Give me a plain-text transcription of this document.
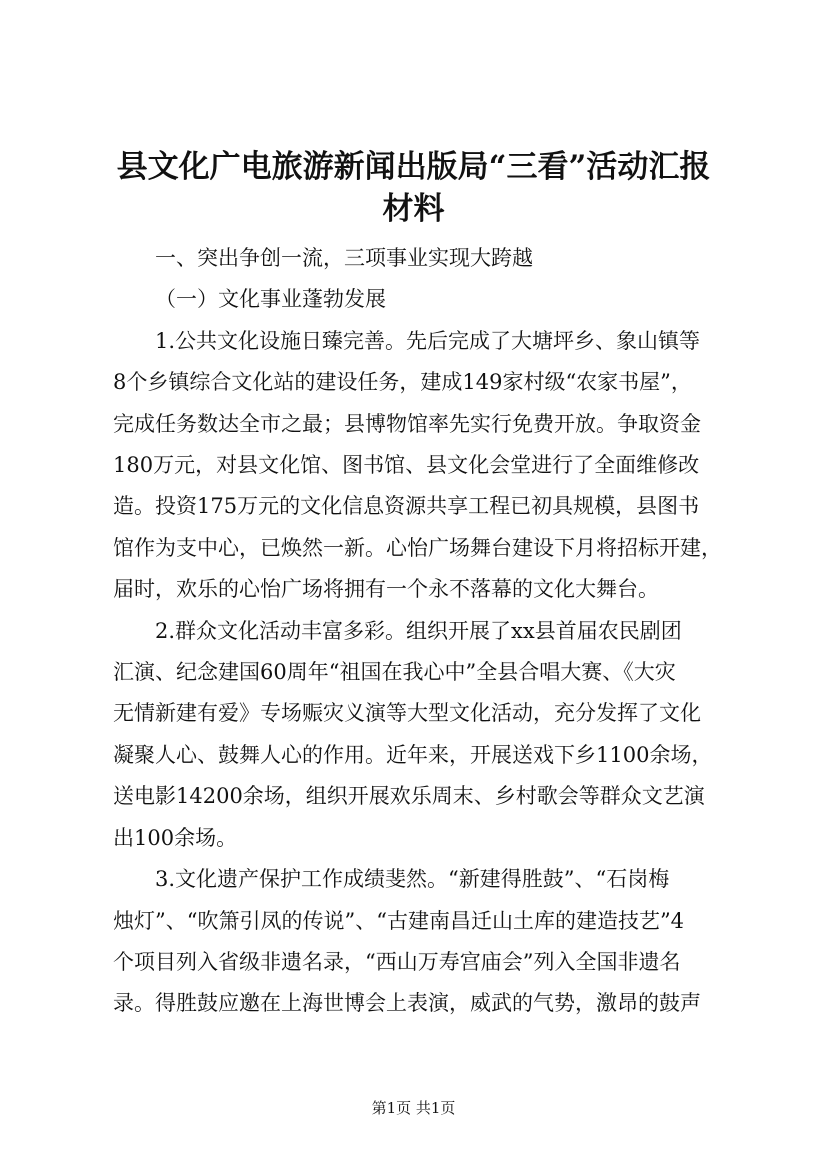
县文化广电旅游新闻出版局“三看”活动汇报
材料

一、突出争创一流，三项事业实现大跨越

（一）文化事业蓬勃发展

1.公共文化设施日臻完善。先后完成了大塘坪乡、象山镇等
8个乡镇综合文化站的建设任务，建成149家村级“农家书屋”，
完成任务数达全市之最；县博物馆率先实行免费开放。争取资金
180万元，对县文化馆、图书馆、县文化会堂进行了全面维修改
造。投资175万元的文化信息资源共享工程已初具规模，县图书
馆作为支中心，已焕然一新。心怡广场舞台建设下月将招标开建，
届时，欢乐的心怡广场将拥有一个永不落幕的文化大舞台。

2.群众文化活动丰富多彩。组织开展了xx县首届农民剧团
汇演、纪念建国60周年“祖国在我心中”全县合唱大赛、《大灾
无情新建有爱》专场赈灾义演等大型文化活动，充分发挥了文化
凝聚人心、鼓舞人心的作用。近年来，开展送戏下乡1100余场，
送电影14200余场，组织开展欢乐周末、乡村歌会等群众文艺演
出100余场。

3.文化遗产保护工作成绩斐然。“新建得胜鼓”、“石岗梅
烛灯”、“吹箫引凤的传说”、“古建南昌迁山土库的建造技艺”4
个项目列入省级非遗名录，“西山万寿宫庙会”列入全国非遗名
录。得胜鼓应邀在上海世博会上表演，威武的气势，激昂的鼓声

第1页 共1页
